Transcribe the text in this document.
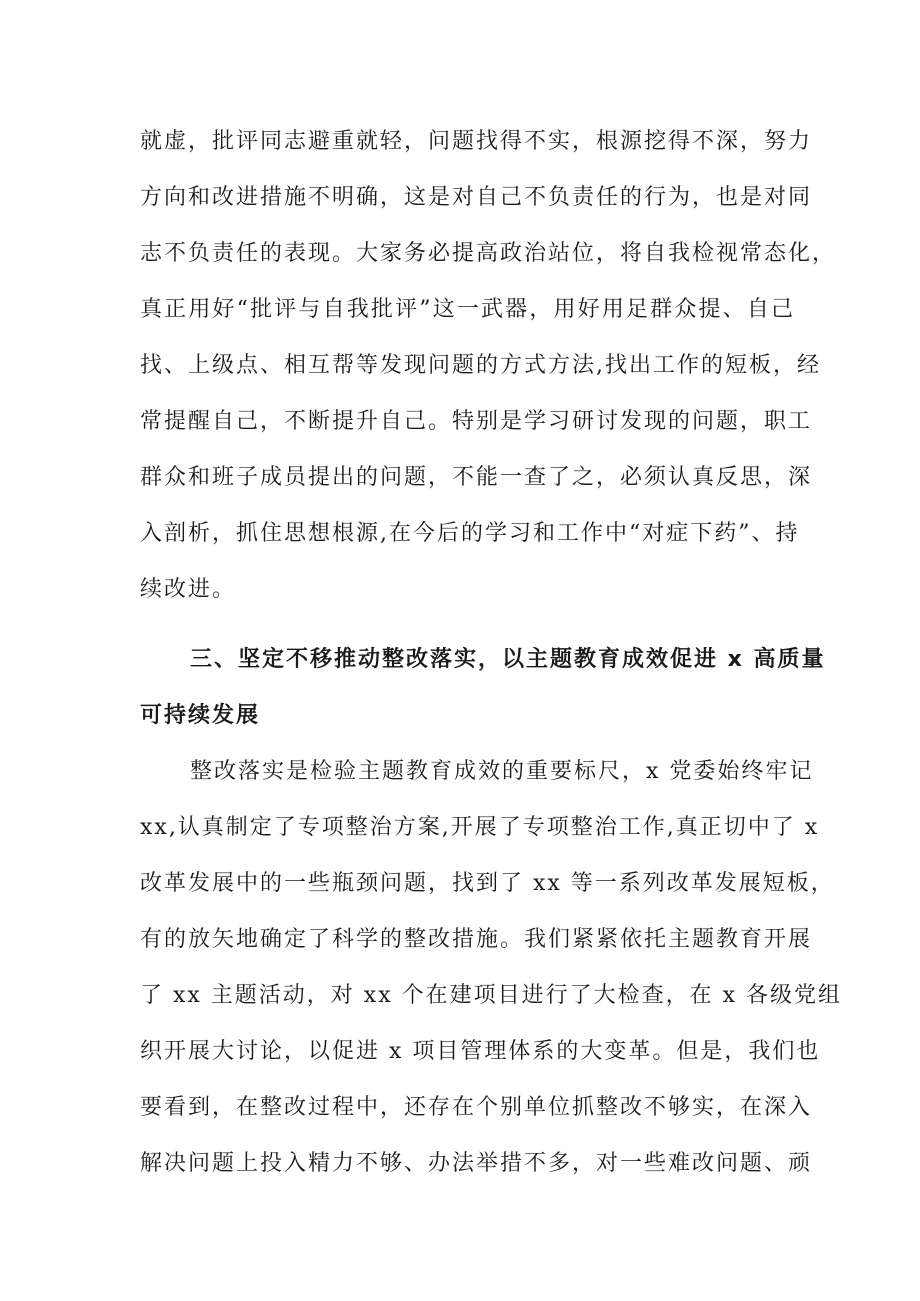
就虚，批评同志避重就轻，问题找得不实，根源挖得不深，努力
方向和改进措施不明确，这是对自己不负责任的行为，也是对同
志不负责任的表现。大家务必提高政治站位，将自我检视常态化，
真正用好“批评与自我批评”这一武器，用好用足群众提、自己
找、上级点、相互帮等发现问题的方式方法,找出工作的短板，经
常提醒自己，不断提升自己。特别是学习研讨发现的问题，职工
群众和班子成员提出的问题，不能一查了之，必须认真反思，深
入剖析，抓住思想根源,在今后的学习和工作中“对症下药”、持
续改进。
三、坚定不移推动整改落实，以主题教育成效促进 x 高质量
可持续发展
整改落实是检验主题教育成效的重要标尺，x 党委始终牢记
xx,认真制定了专项整治方案,开展了专项整治工作,真正切中了 x
改革发展中的一些瓶颈问题，找到了 xx 等一系列改革发展短板，
有的放矢地确定了科学的整改措施。我们紧紧依托主题教育开展
了 xx 主题活动，对 xx 个在建项目进行了大检查，在 x 各级党组
织开展大讨论，以促进 x 项目管理体系的大变革。但是，我们也
要看到，在整改过程中，还存在个别单位抓整改不够实，在深入
解决问题上投入精力不够、办法举措不多，对一些难改问题、顽
